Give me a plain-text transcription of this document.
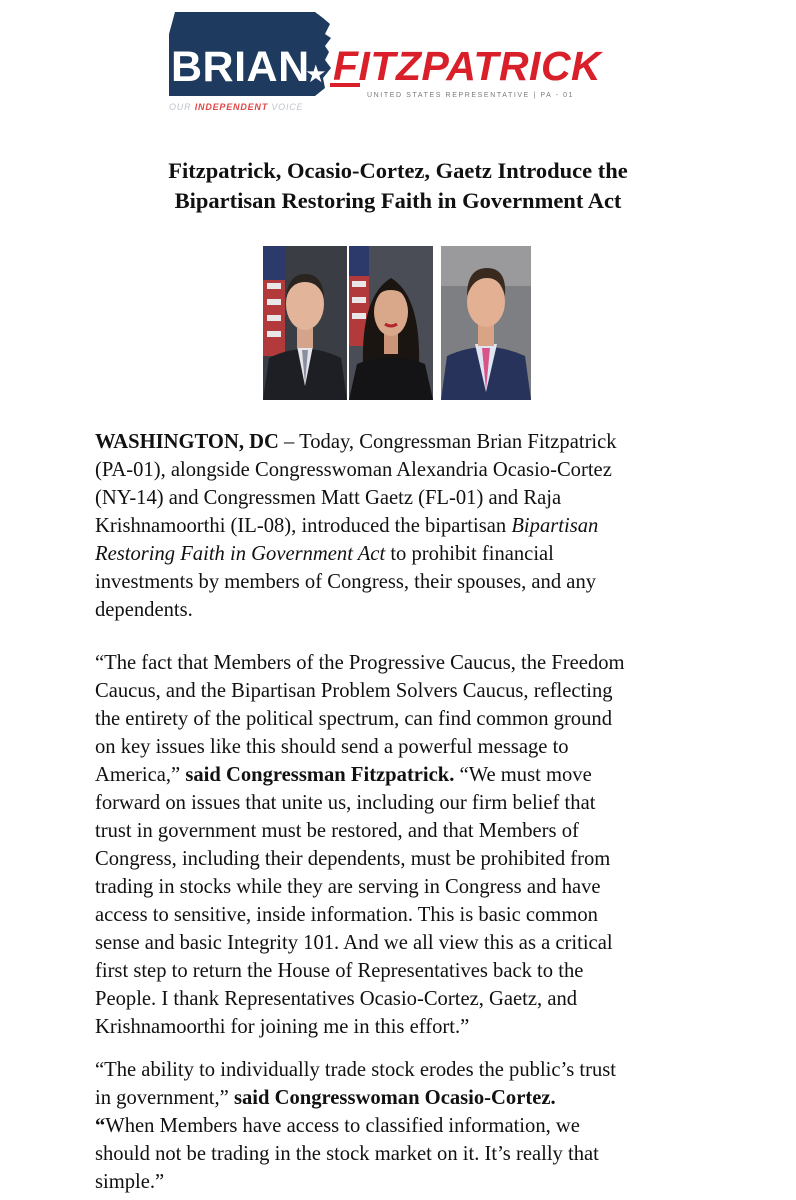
BRIAN
★ FITZPATRICK
UNITED STATES REPRESENTATIVE | PA - 01
OUR INDEPENDENT VOICE
Fitzpatrick, Ocasio-Cortez, Gaetz Introduce the
Bipartisan Restoring Faith in Government Act

WASHINGTON, DC – Today, Congressman Brian Fitzpatrick
(PA-01), alongside Congresswoman Alexandria Ocasio-Cortez
(NY-14) and Congressmen Matt Gaetz (FL-01) and Raja
Krishnamoorthi (IL-08), introduced the bipartisan Bipartisan
Restoring Faith in Government Act to prohibit financial
investments by members of Congress, their spouses, and any
dependents.

“The fact that Members of the Progressive Caucus, the Freedom
Caucus, and the Bipartisan Problem Solvers Caucus, reflecting
the entirety of the political spectrum, can find common ground
on key issues like this should send a powerful message to
America,” said Congressman Fitzpatrick. “We must move
forward on issues that unite us, including our firm belief that
trust in government must be restored, and that Members of
Congress, including their dependents, must be prohibited from
trading in stocks while they are serving in Congress and have
access to sensitive, inside information. This is basic common
sense and basic Integrity 101. And we all view this as a critical
first step to return the House of Representatives back to the
People. I thank Representatives Ocasio-Cortez, Gaetz, and
Krishnamoorthi for joining me in this effort.”

“The ability to individually trade stock erodes the public’s trust
in government,” said Congresswoman Ocasio-Cortez.
“When Members have access to classified information, we
should not be trading in the stock market on it. It’s really that
simple.”
